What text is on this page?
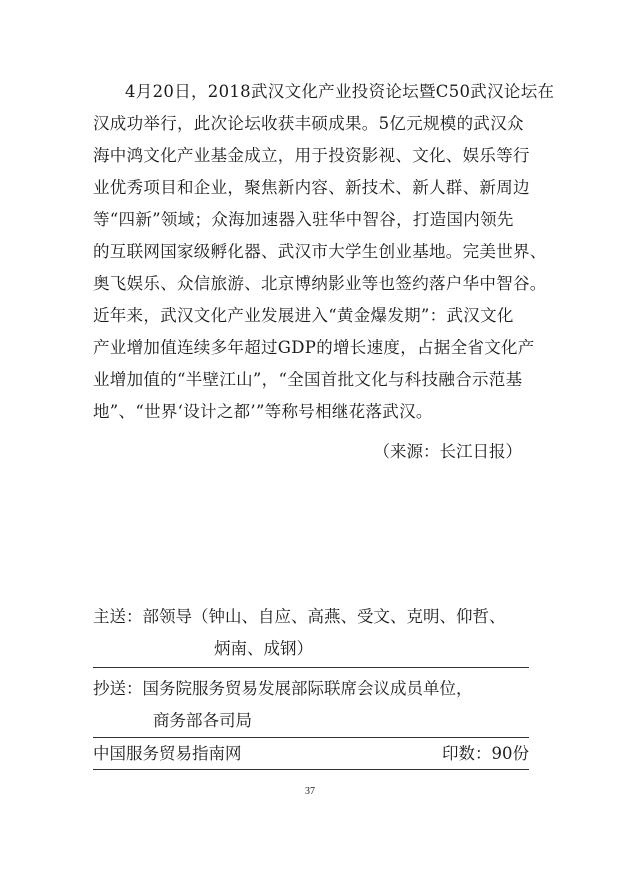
4月20日，2018武汉文化产业投资论坛暨C50武汉论坛在
汉成功举行，此次论坛收获丰硕成果。5亿元规模的武汉众
海中鸿文化产业基金成立，用于投资影视、文化、娱乐等行
业优秀项目和企业，聚焦新内容、新技术、新人群、新周边
等“四新”领域；众海加速器入驻华中智谷，打造国内领先
的互联网国家级孵化器、武汉市大学生创业基地。完美世界、
奥飞娱乐、众信旅游、北京博纳影业等也签约落户华中智谷。
近年来，武汉文化产业发展进入“黄金爆发期”：武汉文化
产业增加值连续多年超过GDP的增长速度，占据全省文化产
业增加值的“半壁江山”，“全国首批文化与科技融合示范基
地”、“世界‘设计之都’”等称号相继花落武汉。
（来源：长江日报）
主送：部领导（钟山、自应、高燕、受文、克明、仰哲、
炳南、成钢）
抄送：国务院服务贸易发展部际联席会议成员单位，
商务部各司局
中国服务贸易指南网	印数：90份
37
